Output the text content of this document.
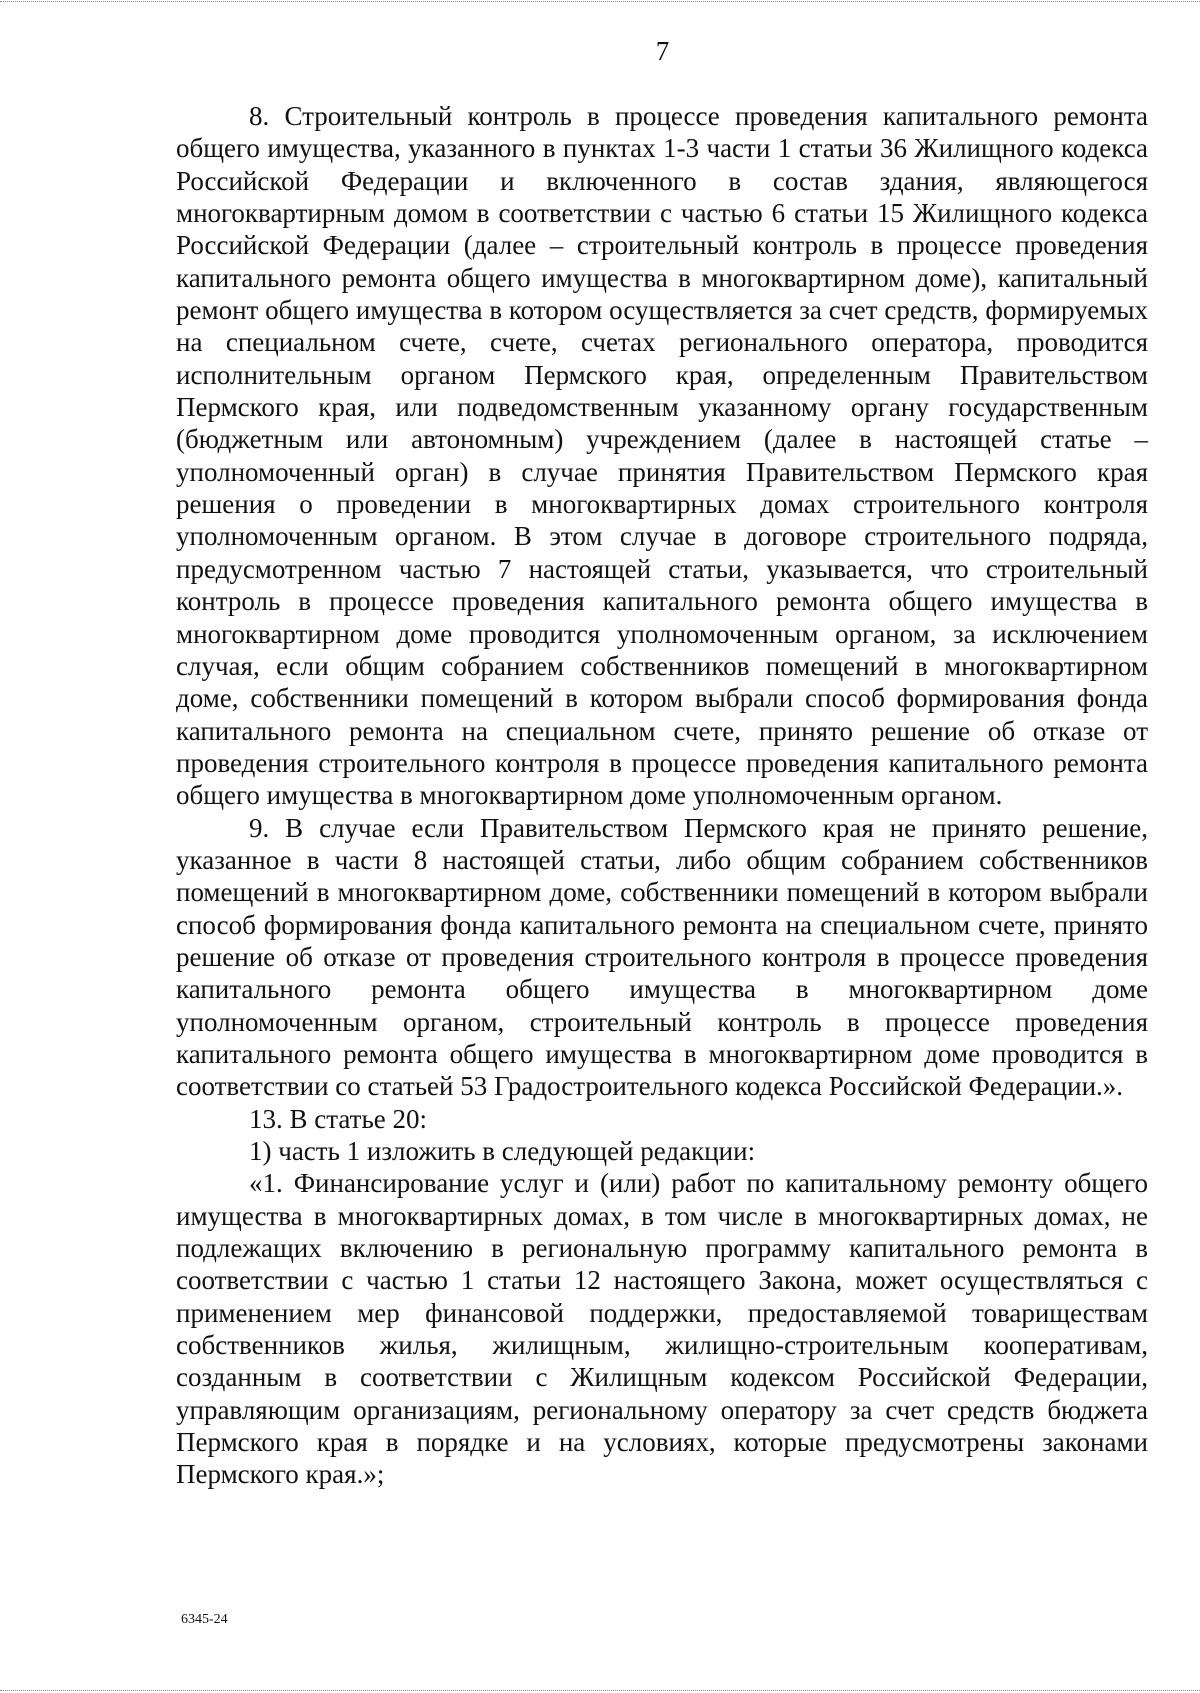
7

8. Строительный контроль в процессе проведения капитального ремонта общего имущества, указанного в пунктах 1-3 части 1 статьи 36 Жилищного кодекса Российской Федерации и включенного в состав здания, являющегося многоквартирным домом в соответствии с частью 6 статьи 15 Жилищного кодекса Российской Федерации (далее – строительный контроль в процессе проведения капитального ремонта общего имущества в многоквартирном доме), капитальный ремонт общего имущества в котором осуществляется за счет средств, формируемых на специальном счете, счете, счетах регионального оператора, проводится исполнительным органом Пермского края, определенным Правительством Пермского края, или подведомственным указанному органу государственным (бюджетным или автономным) учреждением (далее в настоящей статье – уполномоченный орган) в случае принятия Правительством Пермского края решения о проведении в многоквартирных домах строительного контроля уполномоченным органом. В этом случае в договоре строительного подряда, предусмотренном частью 7 настоящей статьи, указывается, что строительный контроль в процессе проведения капитального ремонта общего имущества в многоквартирном доме проводится уполномоченным органом, за исключением случая, если общим собранием собственников помещений в многоквартирном доме, собственники помещений в котором выбрали способ формирования фонда капитального ремонта на специальном счете, принято решение об отказе от проведения строительного контроля в процессе проведения капитального ремонта общего имущества в многоквартирном доме уполномоченным органом.

9. В случае если Правительством Пермского края не принято решение, указанное в части 8 настоящей статьи, либо общим собранием собственников помещений в многоквартирном доме, собственники помещений в котором выбрали способ формирования фонда капитального ремонта на специальном счете, принято решение об отказе от проведения строительного контроля в процессе проведения капитального ремонта общего имущества в многоквартирном доме уполномоченным органом, строительный контроль в процессе проведения капитального ремонта общего имущества в многоквартирном доме проводится в соответствии со статьей 53 Градостроительного кодекса Российской Федерации.».

13. В статье 20:

1) часть 1 изложить в следующей редакции:

«1. Финансирование услуг и (или) работ по капитальному ремонту общего имущества в многоквартирных домах, в том числе в многоквартирных домах, не подлежащих включению в региональную программу капитального ремонта в соответствии с частью 1 статьи 12 настоящего Закона, может осуществляться с применением мер финансовой поддержки, предоставляемой товариществам собственников жилья, жилищным, жилищно-строительным кооперативам, созданным в соответствии с Жилищным кодексом Российской Федерации, управляющим организациям, региональному оператору за счет средств бюджета Пермского края в порядке и на условиях, которые предусмотрены законами Пермского края.»;

6345-24
